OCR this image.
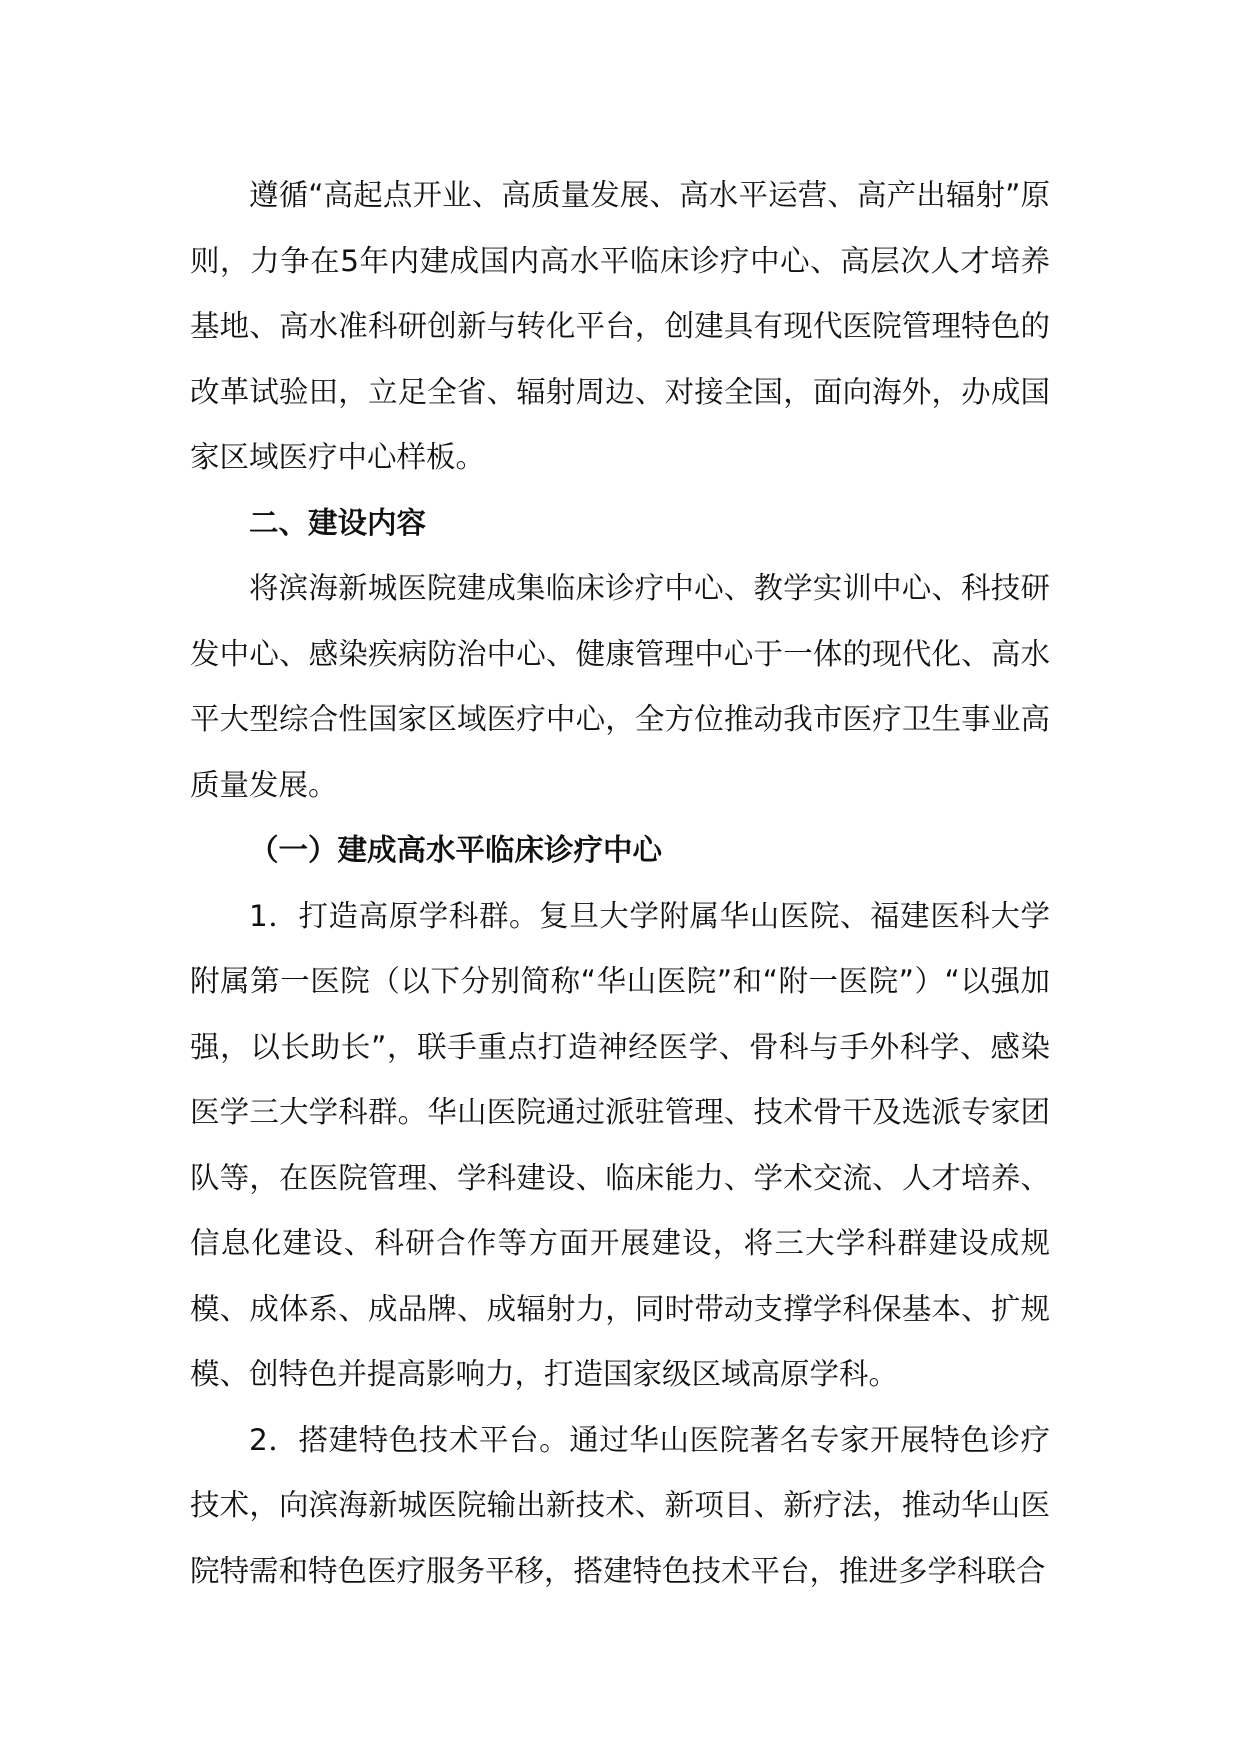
遵循“高起点开业、高质量发展、高水平运营、高产出辐射”原则，力争在5年内建成国内高水平临床诊疗中心、高层次人才培养基地、高水准科研创新与转化平台，创建具有现代医院管理特色的改革试验田，立足全省、辐射周边、对接全国，面向海外，办成国家区域医疗中心样板。

二、建设内容

将滨海新城医院建成集临床诊疗中心、教学实训中心、科技研发中心、感染疾病防治中心、健康管理中心于一体的现代化、高水平大型综合性国家区域医疗中心，全方位推动我市医疗卫生事业高质量发展。

（一）建成高水平临床诊疗中心

1．打造高原学科群。复旦大学附属华山医院、福建医科大学附属第一医院（以下分别简称“华山医院”和“附一医院”）“以强加强，以长助长”，联手重点打造神经医学、骨科与手外科学、感染医学三大学科群。华山医院通过派驻管理、技术骨干及选派专家团队等，在医院管理、学科建设、临床能力、学术交流、人才培养、信息化建设、科研合作等方面开展建设，将三大学科群建设成规模、成体系、成品牌、成辐射力，同时带动支撑学科保基本、扩规模、创特色并提高影响力，打造国家级区域高原学科。

2．搭建特色技术平台。通过华山医院著名专家开展特色诊疗技术，向滨海新城医院输出新技术、新项目、新疗法，推动华山医院特需和特色医疗服务平移，搭建特色技术平台，推进多学科联合
